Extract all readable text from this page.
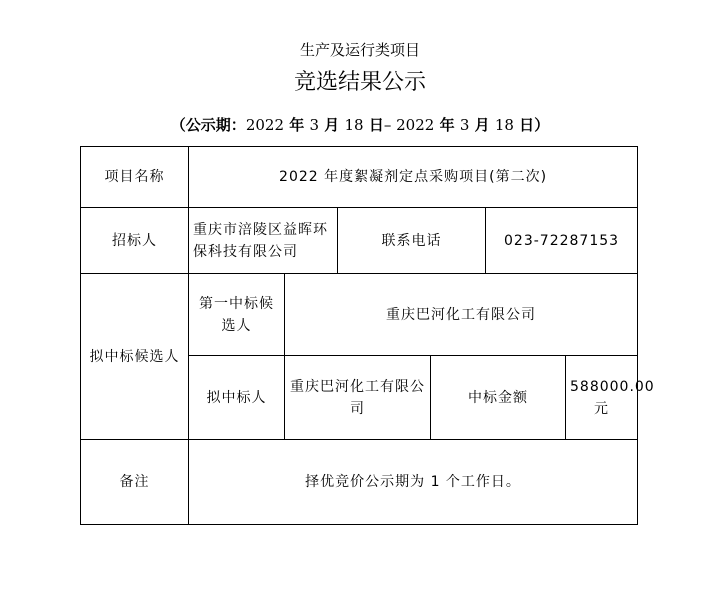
生产及运行类项目
竞选结果公示
（公示期：2022 年 3 月 18 日– 2022 年 3 月 18 日）
项目名称	2022 年度絮凝剂定点采购项目(第二次)					
招标人	重庆市涪陵区益晖环保科技有限公司		联系电话		023-72287153	
拟中标候选人	第一中标候选人	重庆巴河化工有限公司				
	拟中标人	重庆巴河化工有限公司		中标金额		588000.00 元
备注	择优竞价公示期为 1 个工作日。					
